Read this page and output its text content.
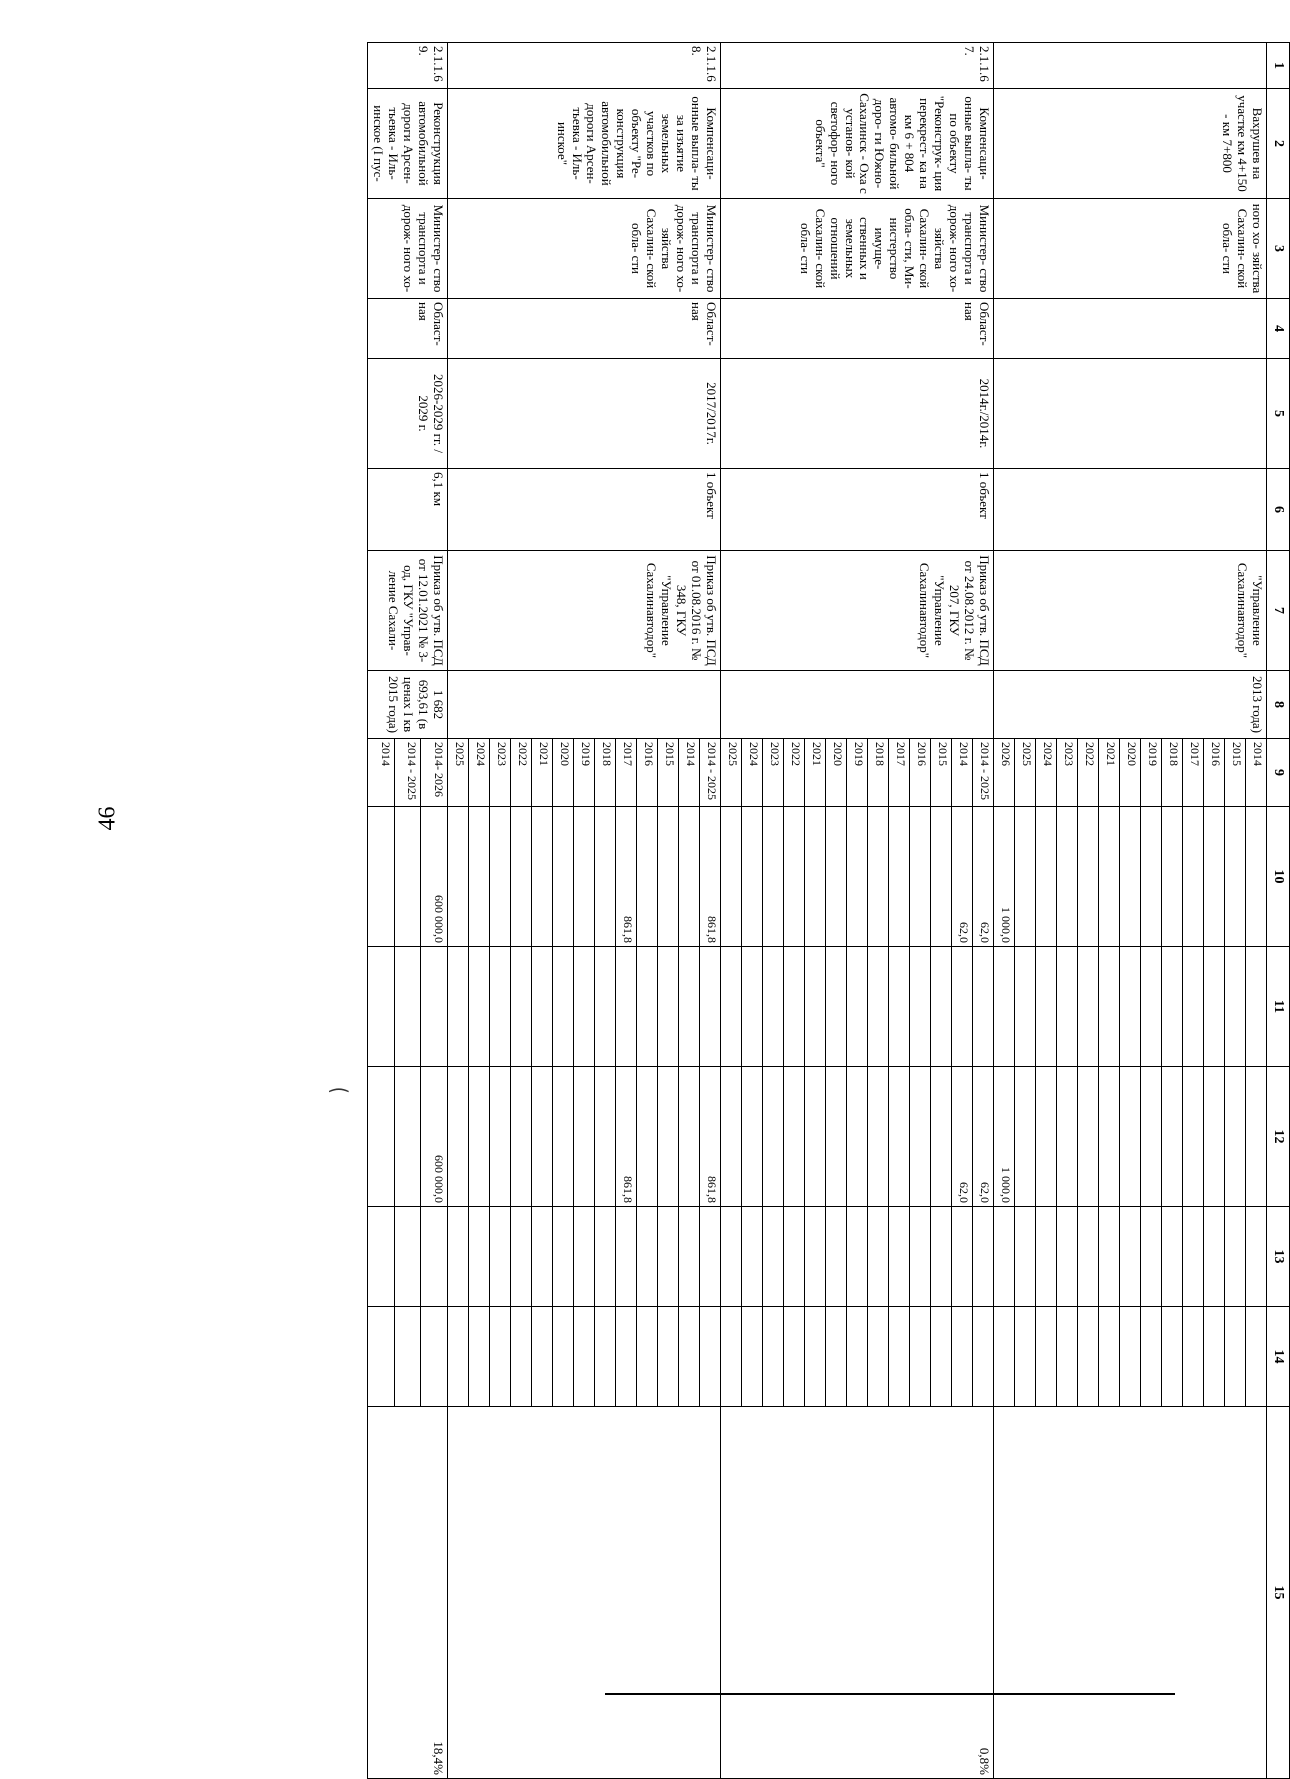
46
1	2	3	4	5	6	7	8	9	10	11	12	13	14	15
	Вахрушев на участке км 4+150 - км 7+800	ного хо- зяйства Сахалин- ской обла- сти				"Управление Сахалинавтодор"	2013 года)	2014						
								2015						
								2016						
								2017						
								2018						
								2019						
								2020						
								2021						
								2022						
								2023						
								2024						
								2025						
								2026	1 000,0		1 000,0			
2.1.1.67.	Компенсаци- онные выпла- ты по объекту "Реконструк- ция перекрест- ка на км 6 + 804 автомо- бильной доро- ги Южно- Сахалинск - Оха с установ- кой светофор- ного объекта"	Министер- ство транспорта и дорож- ного хо- зяйства Сахалин- ской обла- сти, Ми- нистерство имуще- ственных и земельных отношений Сахалин- ской обла- сти	Област- ная	2014г./2014г.	1 объект	Приказ об утв. ПСД от 24.08.2012 г. № 207, ГКУ "Управление Сахалинавтодор"		2014 - 2025	62,0		62,0			0,8%
								2014	62,0		62,0			
								2015						
								2016						
								2017						
								2018						
								2019						
								2020						
								2021						
								2022						
								2023						
								2024						
								2025						
2.1.1.68.	Компенсаци- онные выпла- ты за изъятие земельных участков по объекту "Ре- конструкция автомобильной дороги Арсен- тьевка - Иль- инское"	Министер- ство транспорта и дорож- ного хо- зяйства Сахалин- ской обла- сти	Област- ная	2017/2017г.	1 объект	Приказ об утв. ПСД от 01.08.2016 г. № 348, ГКУ "Управление Сахалинавтодор"		2014 - 2025	861,8		861,8			
								2014						
								2015						
								2016						
								2017	861,8		861,8			
								2018						
								2019						
								2020						
								2021						
								2022						
								2023						
								2024						
								2025						
2.1.1.69.	Реконструкция автомобильной дороги Арсен- тьевка - Иль- инское (I пус-	Министер- ство транспорта и дорож- ного хо-	Област- ная	2026-2029 гг. / 2029 г.	6,1 км	Приказ об утв. ПСД от 12.01.2021 № 3- од, ГКУ "Управ- ление Сахали-	1 682 693,61 (в ценах I кв 2015 года)	2014- 2026	600 000,0		600 000,0			18,4%
								2014 - 2025						
								2014						
⁀
